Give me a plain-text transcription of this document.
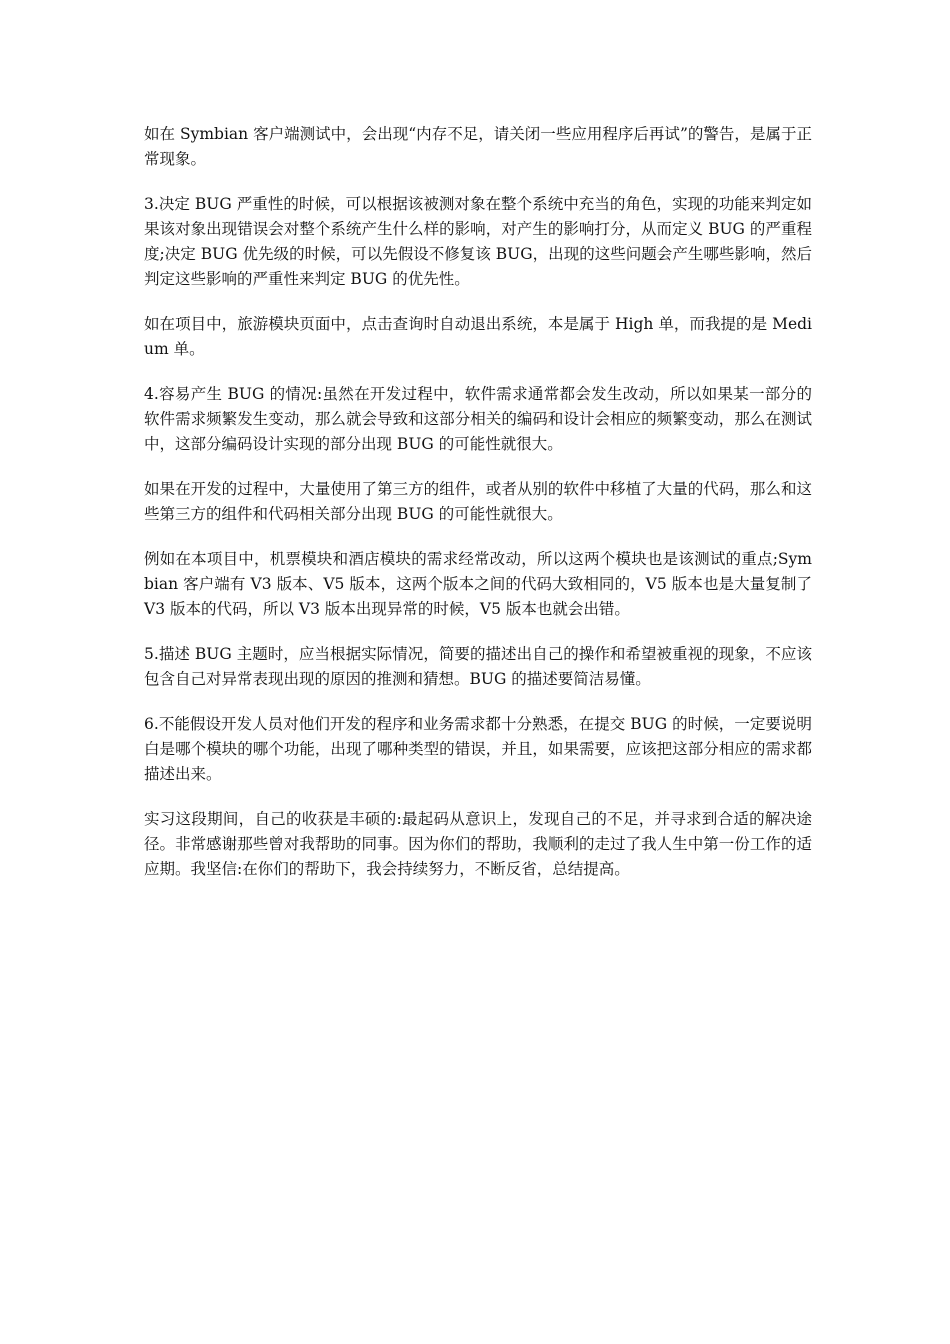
如在 Symbian 客户端测试中，会出现“内存不足，请关闭一些应用程序后再试”的警告，是属于正常现象。

3.决定 BUG 严重性的时候，可以根据该被测对象在整个系统中充当的角色，实现的功能来判定如果该对象出现错误会对整个系统产生什么样的影响，对产生的影响打分，从而定义 BUG 的严重程度;决定 BUG 优先级的时候，可以先假设不修复该 BUG，出现的这些问题会产生哪些影响，然后判定这些影响的严重性来判定 BUG 的优先性。

如在项目中，旅游模块页面中，点击查询时自动退出系统，本是属于 High 单，而我提的是 Medium 单。

4.容易产生 BUG 的情况:虽然在开发过程中，软件需求通常都会发生改动，所以如果某一部分的软件需求频繁发生变动，那么就会导致和这部分相关的编码和设计会相应的频繁变动，那么在测试中，这部分编码设计实现的部分出现 BUG 的可能性就很大。

如果在开发的过程中，大量使用了第三方的组件，或者从别的软件中移植了大量的代码，那么和这些第三方的组件和代码相关部分出现 BUG 的可能性就很大。

例如在本项目中，机票模块和酒店模块的需求经常改动，所以这两个模块也是该测试的重点;Symbian 客户端有 V3 版本、V5 版本，这两个版本之间的代码大致相同的，V5 版本也是大量复制了 V3 版本的代码，所以 V3 版本出现异常的时候，V5 版本也就会出错。

5.描述 BUG 主题时，应当根据实际情况，简要的描述出自己的操作和希望被重视的现象，不应该包含自己对异常表现出现的原因的推测和猜想。BUG 的描述要简洁易懂。

6.不能假设开发人员对他们开发的程序和业务需求都十分熟悉，在提交 BUG 的时候，一定要说明白是哪个模块的哪个功能，出现了哪种类型的错误，并且，如果需要，应该把这部分相应的需求都描述出来。

实习这段期间，自己的收获是丰硕的:最起码从意识上，发现自己的不足，并寻求到合适的解决途径。非常感谢那些曾对我帮助的同事。因为你们的帮助，我顺利的走过了我人生中第一份工作的适应期。我坚信:在你们的帮助下，我会持续努力，不断反省，总结提高。
